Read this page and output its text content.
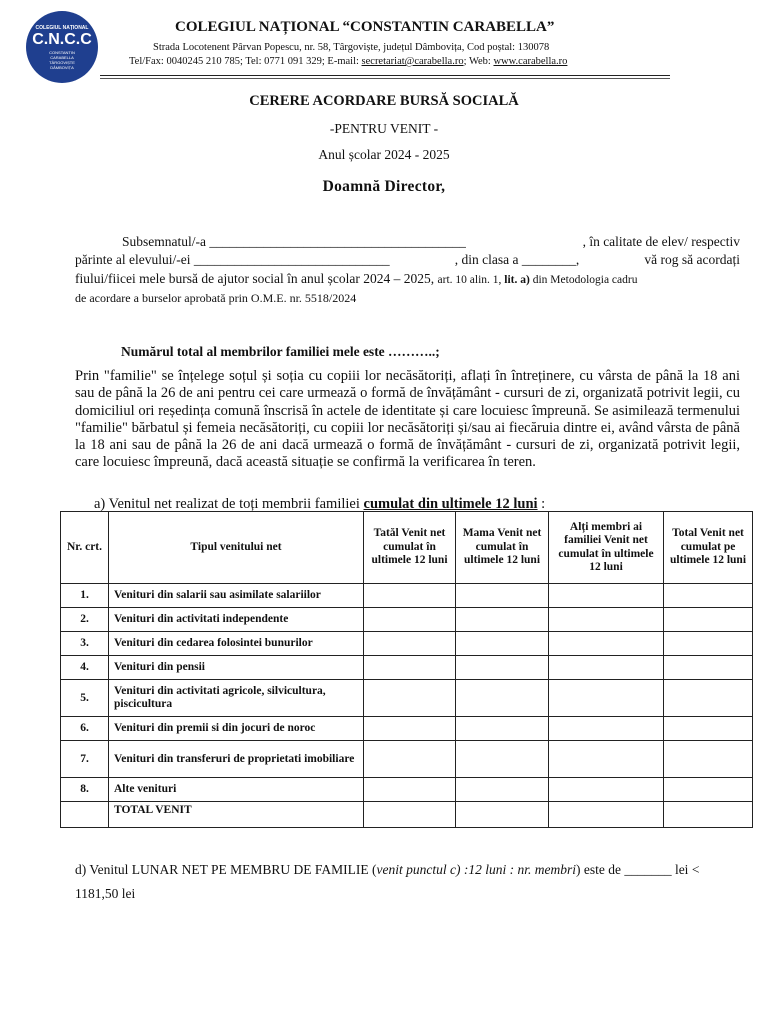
COLEGIUL NAȚIONAL
C.N.C.C
CONSTANTIN CARABELLA TÂRGOVIȘTE DÂMBOVIȚA
COLEGIUL NAȚIONAL “CONSTANTIN CARABELLA”
Strada Locotenent Pârvan Popescu, nr. 58, Târgoviște, județul Dâmbovița, Cod poștal: 130078
Tel/Fax: 0040245 210 785; Tel: 0771 091 329; E-mail: secretariat@carabella.ro; Web: www.carabella.ro
CERERE ACORDARE BURSĂ SOCIALĂ
-PENTRU VENIT -
Anul școlar 2024 - 2025
Doamnă Director,
Subsemnatul/-a ______________________________________	, în calitate de elev/ respectiv
părinte al elevului/-ei _____________________________	, din clasa a ________,	vă rog să acordați
fiului/fiicei mele bursă de ajutor social în anul școlar 2024 – 2025, art. 10 alin. 1, lit. a) din Metodologia cadru
de acordare a burselor aprobată prin O.M.E. nr. 5518/2024
Numărul total al membrilor familiei mele este ………..;
Prin "familie" se înțelege soțul și soția cu copiii lor necăsătoriți, aflați în întreținere, cu vârsta de până la 18 ani sau de până la 26 de ani pentru cei care urmează o formă de învățământ - cursuri de zi, organizată potrivit legii, cu domiciliul ori reședința comună înscrisă în actele de identitate și care locuiesc împreună. Se asimilează termenului "familie" bărbatul și femeia necăsătoriți, cu copiii lor necăsătoriți și/sau ai fiecăruia dintre ei, având vârsta de până la 18 ani sau de până la 26 de ani dacă urmează o formă de învățământ - cursuri de zi, organizată potrivit legii, care locuiesc împreună, dacă această situație se confirmă la verificarea în teren.
a) Venitul net realizat de toți membrii familiei cumulat din ultimele 12 luni :
Nr. crt.	Tipul venitului net	Tatăl Venit net cumulat în ultimele 12 luni	Mama Venit net cumulat în ultimele 12 luni	Alți membri ai familiei Venit net cumulat în ultimele 12 luni	Total Venit net cumulat pe ultimele 12 luni
1.	Venituri din salarii sau asimilate salariilor				
2.	Venituri din activitati independente				
3.	Venituri din cedarea folosintei bunurilor				
4.	Venituri din pensii				
5.	Venituri din activitati agricole, silvicultura, piscicultura				
6.	Venituri din premii si din jocuri de noroc				
7.	Venituri din transferuri de proprietati imobiliare				
8.	Alte venituri				
	TOTAL VENIT				
d) Venitul LUNAR NET PE MEMBRU DE FAMILIE (venit punctul c) :12 luni : nr. membri) este de _______ lei <
1181,50 lei
